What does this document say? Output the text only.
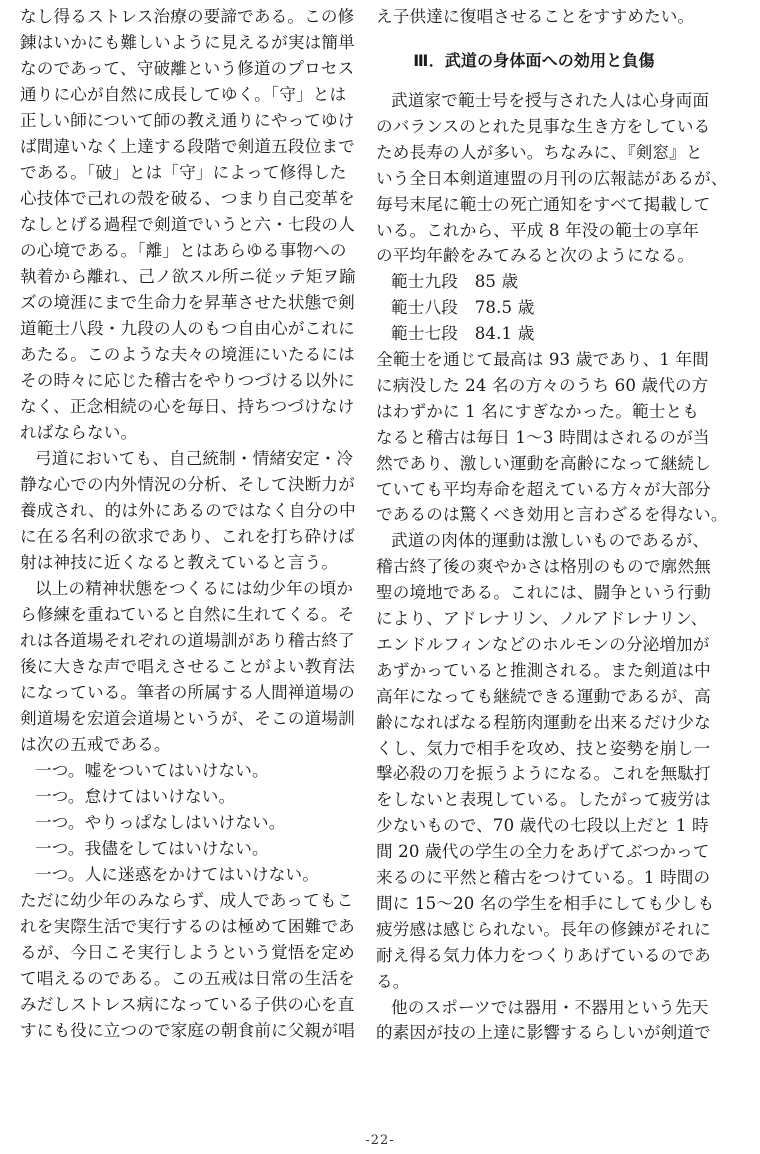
なし得るストレス治療の要諦である。この修
錬はいかにも難しいように見えるが実は簡単
なのであって、守破離という修道のプロセス
通りに心が自然に成長してゆく。「守」とは
正しい師について師の教え通りにやってゆけ
ば間違いなく上達する段階で剣道五段位まで
である。「破」とは「守」によって修得した
心技体で己れの殻を破る、つまり自己変革を
なしとげる過程で剣道でいうと六・七段の人
の心境である。「離」とはあらゆる事物への
執着から離れ、己ノ欲スル所ニ従ッテ矩ヲ踰
ズの境涯にまで生命力を昇華させた状態で剣
道範士八段・九段の人のもつ自由心がこれに
あたる。このような夫々の境涯にいたるには
その時々に応じた稽古をやりつづける以外に
なく、正念相続の心を毎日、持ちつづけなけ
ればならない。
弓道においても、自己統制・情緒安定・冷
静な心での内外情況の分析、そして決断力が
養成され、的は外にあるのではなく自分の中
に在る名利の欲求であり、これを打ち砕けば
射は神技に近くなると教えていると言う。
以上の精神状態をつくるには幼少年の頃か
ら修練を重ねていると自然に生れてくる。そ
れは各道場それぞれの道場訓があり稽古終了
後に大きな声で唱えさせることがよい教育法
になっている。筆者の所属する人間禅道場の
剣道場を宏道会道場というが、そこの道場訓
は次の五戒である。
一つ。嘘をついてはいけない。
一つ。怠けてはいけない。
一つ。やりっぱなしはいけない。
一つ。我儘をしてはいけない。
一つ。人に迷惑をかけてはいけない。
ただに幼少年のみならず、成人であってもこ
れを実際生活で実行するのは極めて困難であ
るが、今日こそ実行しようという覚悟を定め
て唱えるのである。この五戒は日常の生活を
みだしストレス病になっている子供の心を直
すにも役に立つので家庭の朝食前に父親が唱
え子供達に復唱させることをすすめたい。
Ⅲ．武道の身体面への効用と負傷
武道家で範士号を授与された人は心身両面
のバランスのとれた見事な生き方をしている
ため長寿の人が多い。ちなみに、『剣窓』と
いう全日本剣道連盟の月刊の広報誌があるが、
毎号末尾に範士の死亡通知をすべて掲載して
いる。これから、平成 8 年没の範士の享年
の平均年齢をみてみると次のようになる。
範士九段　85 歳
範士八段　78.5 歳
範士七段　84.1 歳
全範士を通じて最高は 93 歳であり、1 年間
に病没した 24 名の方々のうち 60 歳代の方
はわずかに 1 名にすぎなかった。範士とも
なると稽古は毎日 1～3 時間はされるのが当
然であり、激しい運動を高齢になって継続し
ていても平均寿命を超えている方々が大部分
であるのは驚くべき効用と言わざるを得ない。
武道の肉体的運動は激しいものであるが、
稽古終了後の爽やかさは格別のもので廓然無
聖の境地である。これには、闘争という行動
により、アドレナリン、ノルアドレナリン、
エンドルフィンなどのホルモンの分泌増加が
あずかっていると推測される。また剣道は中
高年になっても継続できる運動であるが、高
齢になればなる程筋肉運動を出来るだけ少な
くし、気力で相手を攻め、技と姿勢を崩し一
撃必殺の刀を振うようになる。これを無駄打
をしないと表現している。したがって疲労は
少ないもので、70 歳代の七段以上だと 1 時
間 20 歳代の学生の全力をあげてぶつかって
来るのに平然と稽古をつけている。1 時間の
間に 15～20 名の学生を相手にしても少しも
疲労感は感じられない。長年の修錬がそれに
耐え得る気力体力をつくりあげているのであ
る。
他のスポーツでは器用・不器用という先天
的素因が技の上達に影響するらしいが剣道で
-22-
